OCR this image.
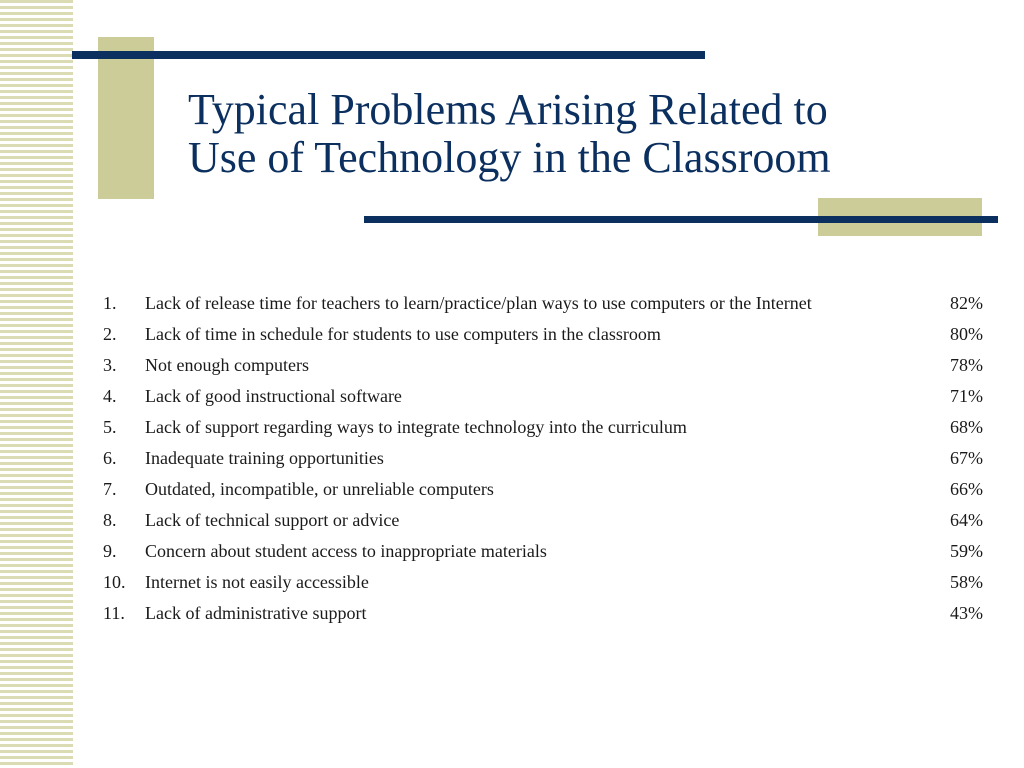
Typical Problems Arising Related to
Use of Technology in the Classroom
1.	Lack of release time for teachers to learn/practice/plan ways to use computers or the Internet	82%
2.	Lack of time in schedule for students to use computers in the classroom	80%
3.	Not enough computers	78%
4.	Lack of good instructional software	71%
5.	Lack of support regarding ways to integrate technology into the curriculum	68%
6.	Inadequate training opportunities	67%
7.	Outdated, incompatible, or unreliable computers	66%
8.	Lack of technical support or advice	64%
9.	Concern about student access to inappropriate materials	59%
10.	Internet is not easily accessible	58%
11.	Lack of administrative support	43%
